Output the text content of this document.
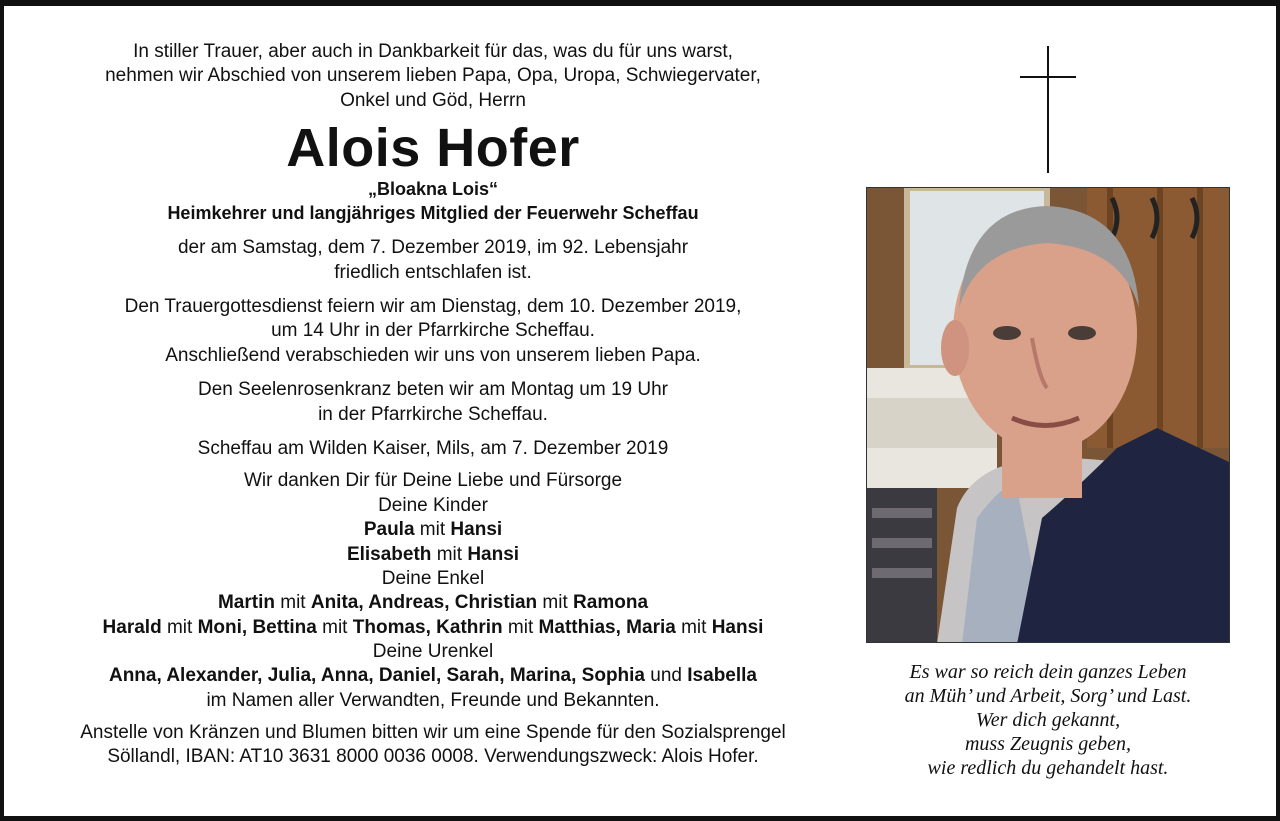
In stiller Trauer, aber auch in Dankbarkeit für das, was du für uns warst,

nehmen wir Abschied von unserem lieben Papa, Opa, Uropa, Schwiegervater,

Onkel und Göd, Herrn

Alois Hofer

„Bloakna Lois“

Heimkehrer und langjähriges Mitglied der Feuerwehr Scheffau

der am Samstag, dem 7. Dezember 2019, im 92. Lebensjahr

friedlich entschlafen ist.

Den Trauergottesdienst feiern wir am Dienstag, dem 10. Dezember 2019,

um 14 Uhr in der Pfarrkirche Scheffau.

Anschließend verabschieden wir uns von unserem lieben Papa.

Den Seelenrosenkranz beten wir am Montag um 19 Uhr

in der Pfarrkirche Scheffau.

Scheffau am Wilden Kaiser, Mils, am 7. Dezember 2019

Wir danken Dir für Deine Liebe und Fürsorge

Deine Kinder

Paula mit Hansi

Elisabeth mit Hansi

Deine Enkel

Martin mit Anita, Andreas, Christian mit Ramona

Harald mit Moni, Bettina mit Thomas, Kathrin mit Matthias, Maria mit Hansi

Deine Urenkel

Anna, Alexander, Julia, Anna, Daniel, Sarah, Marina, Sophia und Isabella

im Namen aller Verwandten, Freunde und Bekannten.

Anstelle von Kränzen und Blumen bitten wir um eine Spende für den Sozialsprengel

Söllandl, IBAN: AT10 3631 8000 0036 0008. Verwendungszweck: Alois Hofer.

Es war so reich dein ganzes Leben

an Müh’ und Arbeit, Sorg’ und Last.

Wer dich gekannt,

muss Zeugnis geben,

wie redlich du gehandelt hast.
